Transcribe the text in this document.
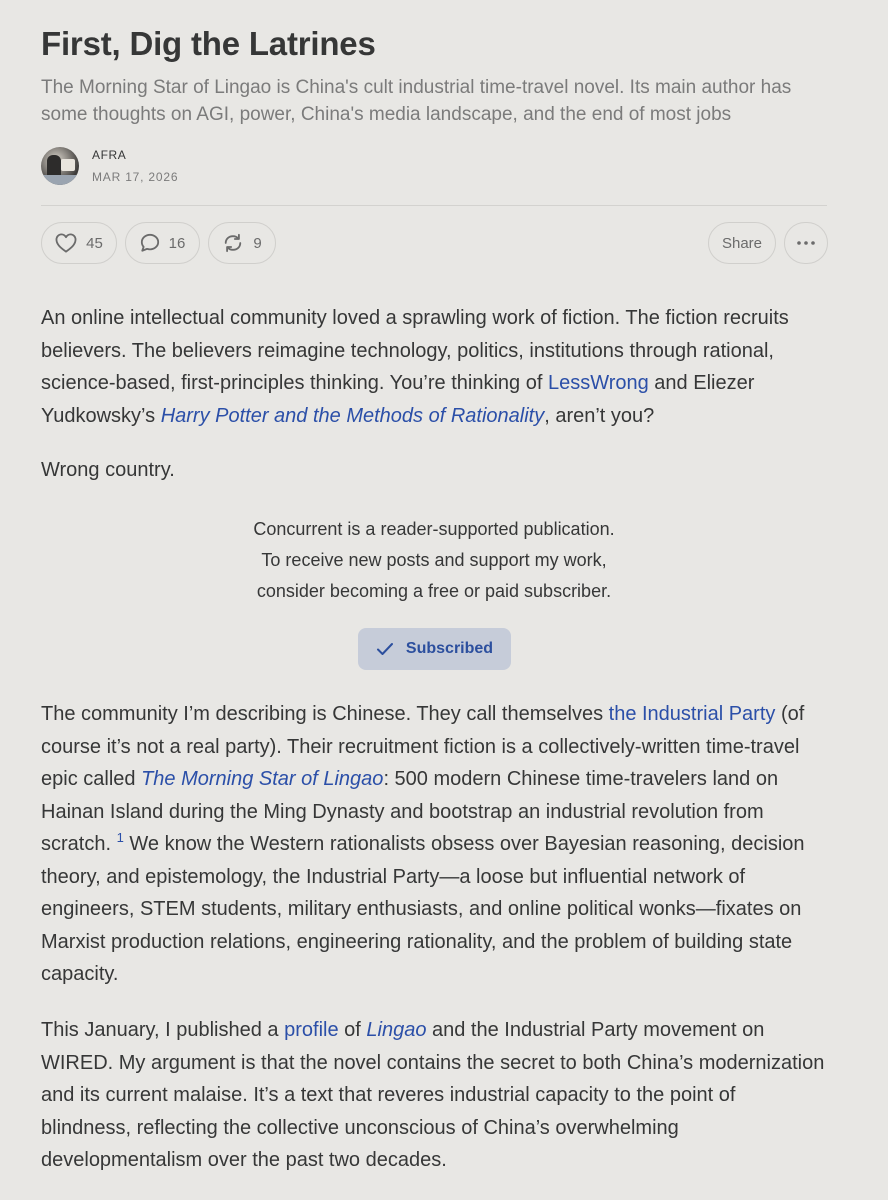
First, Dig the Latrines
The Morning Star of Lingao is China's cult industrial time-travel novel. Its main author has some thoughts on AGI, power, China's media landscape, and the end of most jobs
AFRA
MAR 17, 2026
45	16	9	Share

An online intellectual community loved a sprawling work of fiction. The fiction recruits believers. The believers reimagine technology, politics, institutions through rational, science-based, first-principles thinking. You’re thinking of LessWrong and Eliezer Yudkowsky’s Harry Potter and the Methods of Rationality, aren’t you?

Wrong country.

Concurrent is a reader-supported publication.
To receive new posts and support my work,
consider becoming a free or paid subscriber.
Subscribed

The community I’m describing is Chinese. They call themselves the Industrial Party (of course it’s not a real party). Their recruitment fiction is a collectively-written time-travel epic called The Morning Star of Lingao: 500 modern Chinese time-travelers land on Hainan Island during the Ming Dynasty and bootstrap an industrial revolution from scratch. $^1$ We know the Western rationalists obsess over Bayesian reasoning, decision theory, and epistemology, the Industrial Party—a loose but influential network of engineers, STEM students, military enthusiasts, and online political wonks—fixates on Marxist production relations, engineering rationality, and the problem of building state capacity.

This January, I published a profile of Lingao and the Industrial Party movement on WIRED. My argument is that the novel contains the secret to both China’s modernization and its current malaise. It’s a text that reveres industrial capacity to the point of blindness, reflecting the collective unconscious of China’s overwhelming developmentalism over the past two decades.
